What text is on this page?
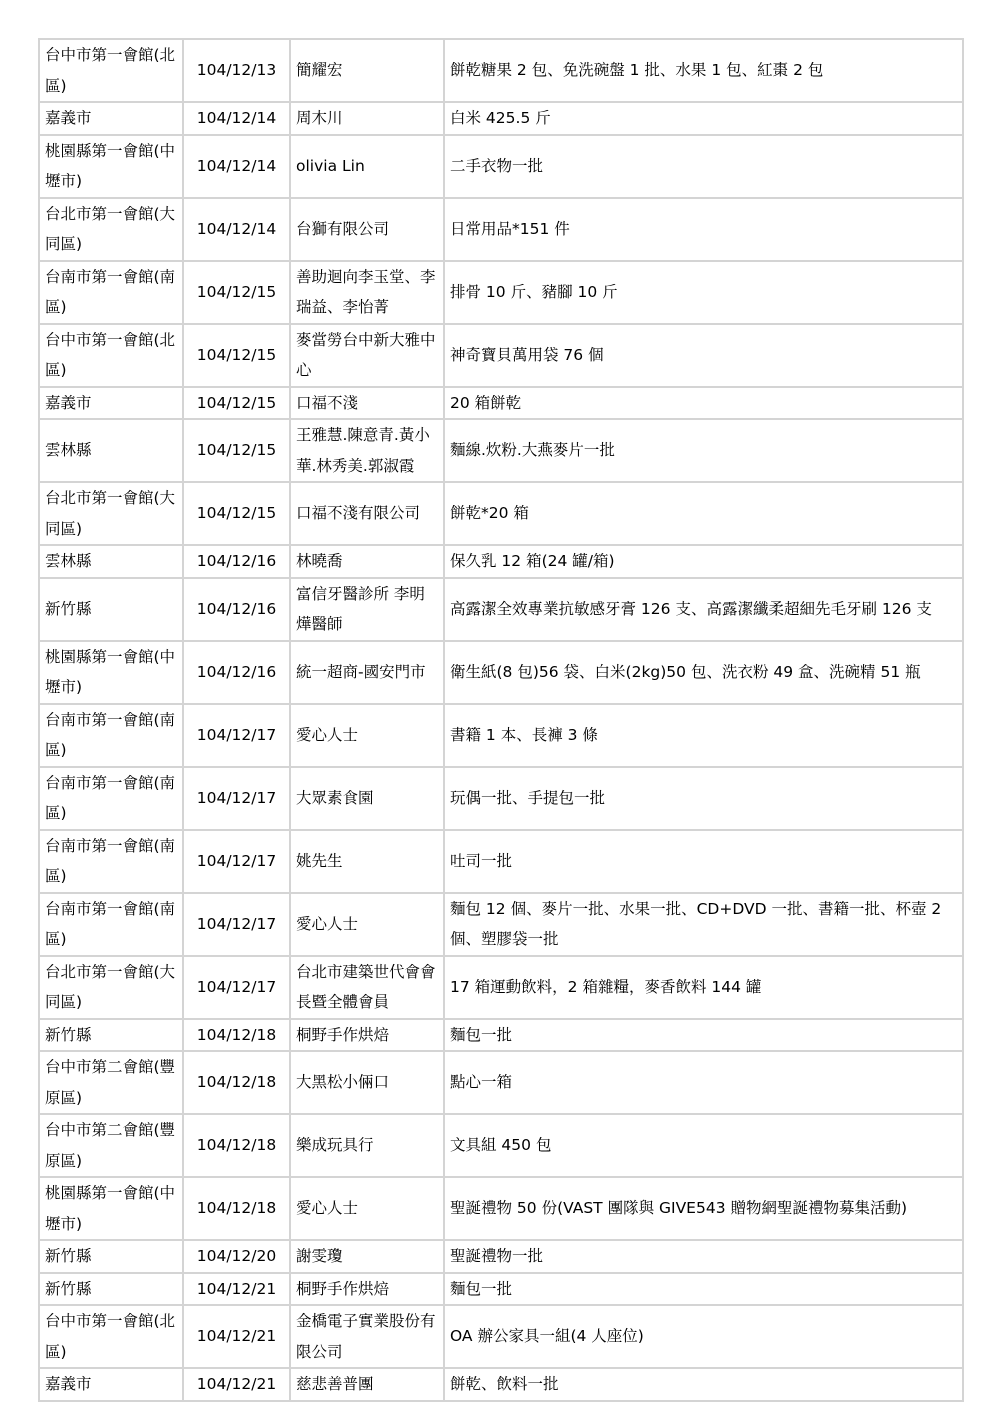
台中市第一會館(北區)	104/12/13	簡耀宏	餅乾糖果 2 包、免洗碗盤 1 批、水果 1 包、紅棗 2 包
嘉義市	104/12/14	周木川	白米 425.5 斤
桃園縣第一會館(中壢市)	104/12/14	olivia Lin	二手衣物一批
台北市第一會館(大同區)	104/12/14	台獅有限公司	日常用品*151 件
台南市第一會館(南區)	104/12/15	善助迴向李玉堂、李瑞益、李怡菁	排骨 10 斤、豬腳 10 斤
台中市第一會館(北區)	104/12/15	麥當勞台中新大雅中心	神奇寶貝萬用袋 76 個
嘉義市	104/12/15	口福不淺	20 箱餅乾
雲林縣	104/12/15	王雅慧.陳意青.黃小華.林秀美.郭淑霞	麵線.炊粉.大燕麥片一批
台北市第一會館(大同區)	104/12/15	口福不淺有限公司	餅乾*20 箱
雲林縣	104/12/16	林曉喬	保久乳 12 箱(24 罐/箱)
新竹縣	104/12/16	富信牙醫診所 李明燁醫師	高露潔全效專業抗敏感牙膏 126 支、高露潔纖柔超細先毛牙刷 126 支
桃園縣第一會館(中壢市)	104/12/16	統一超商-國安門市	衛生紙(8 包)56 袋、白米(2kg)50 包、洗衣粉 49 盒、洗碗精 51 瓶
台南市第一會館(南區)	104/12/17	愛心人士	書籍 1 本、長褲 3 條
台南市第一會館(南區)	104/12/17	大眾素食園	玩偶一批、手提包一批
台南市第一會館(南區)	104/12/17	姚先生	吐司一批
台南市第一會館(南區)	104/12/17	愛心人士	麵包 12 個、麥片一批、水果一批、CD+DVD 一批、書籍一批、杯壺 2 個、塑膠袋一批
台北市第一會館(大同區)	104/12/17	台北市建築世代會會長暨全體會員	17 箱運動飲料，2 箱雜糧，麥香飲料 144 罐
新竹縣	104/12/18	桐野手作烘焙	麵包一批
台中市第二會館(豐原區)	104/12/18	大黑松小倆口	點心一箱
台中市第二會館(豐原區)	104/12/18	樂成玩具行	文具組 450 包
桃園縣第一會館(中壢市)	104/12/18	愛心人士	聖誕禮物 50 份(VAST 團隊與 GIVE543 贈物網聖誕禮物募集活動)
新竹縣	104/12/20	謝雯瓊	聖誕禮物一批
新竹縣	104/12/21	桐野手作烘焙	麵包一批
台中市第一會館(北區)	104/12/21	金橋電子實業股份有限公司	OA 辦公家具一組(4 人座位)
嘉義市	104/12/21	慈悲善普團	餅乾、飲料一批
